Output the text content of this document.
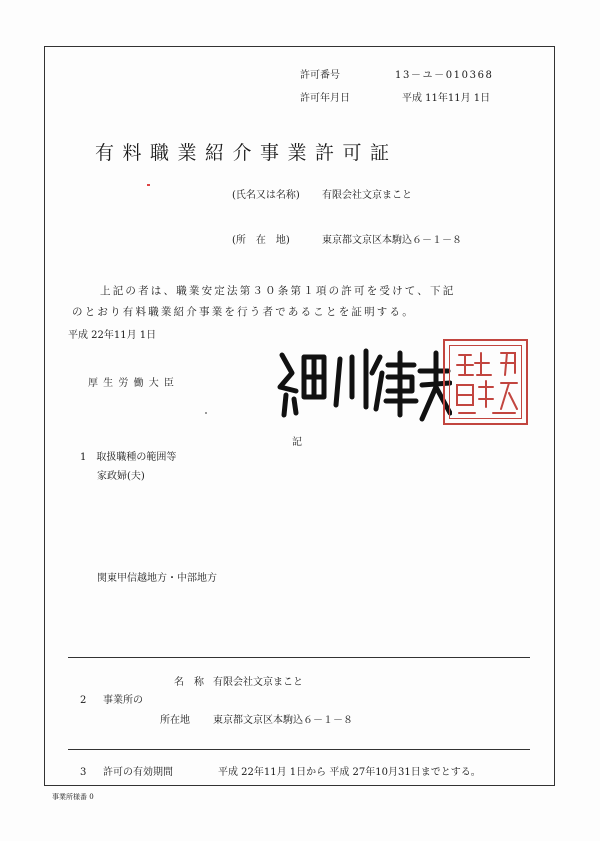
許可番号	13－ユ－010368
許可年月日	平成 11年11月 1日
有料職業紹介事業許可証
(氏名又は名称) 有限会社文京まこと
(所　在　地)	東京都文京区本駒込６－１－８
上記の者は、職業安定法第３０条第１項の許可を受けて、下記
のとおり有料職業紹介事業を行う者であることを証明する。
平成 22年11月 1日
厚 生 労 働 大 臣
記
1　取扱職種の範囲等
家政婦(夫)
関東甲信越地方・中部地方
名　称 有限会社文京まこと
2 事業所の
所在地 東京都文京区本駒込６－１－８
3 許可の有効期間	平成 22年11月 1日から 平成 27年10月31日までとする。
事業所様番 0
